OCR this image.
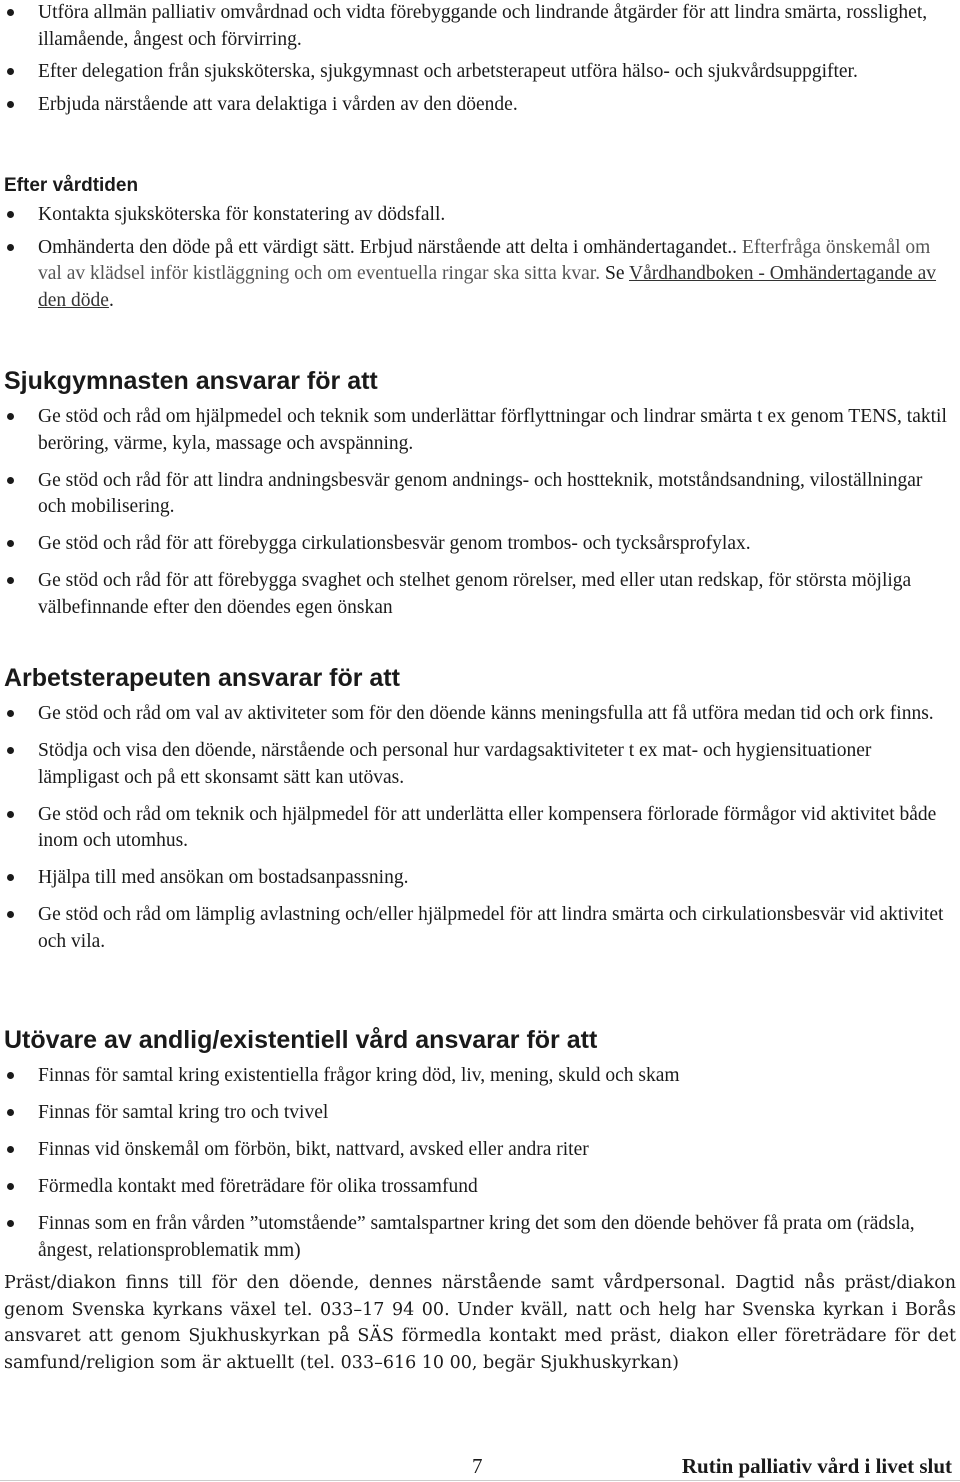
Utföra allmän palliativ omvårdnad och vidta förebyggande och lindrande åtgärder för att lindra smärta, rosslighet, illamående, ångest och förvirring.
Efter delegation från sjuksköterska, sjukgymnast och arbetsterapeut utföra hälso- och sjukvårdsuppgifter.
Erbjuda närstående att vara delaktiga i vården av den döende.
Efter vårdtiden
Kontakta sjuksköterska för konstatering av dödsfall.
Omhänderta den döde på ett värdigt sätt. Erbjud närstående att delta i omhändertagandet.. Efterfråga önskemål om val av klädsel inför kistläggning och om eventuella ringar ska sitta kvar. Se Vårdhandboken - Omhändertagande av den döde.
Sjukgymnasten ansvarar för att
Ge stöd och råd om hjälpmedel och teknik som underlättar förflyttningar och lindrar smärta t ex genom TENS, taktil beröring, värme, kyla, massage och avspänning.
Ge stöd och råd för att lindra andningsbesvär genom andnings- och hostteknik, motståndsandning, viloställningar och mobilisering.
Ge stöd och råd för att förebygga cirkulationsbesvär genom trombos- och tycksårsprofylax.
Ge stöd och råd för att förebygga svaghet och stelhet genom rörelser, med eller utan redskap, för största möjliga välbefinnande efter den döendes egen önskan
Arbetsterapeuten ansvarar för att
Ge stöd och råd om val av aktiviteter som för den döende känns meningsfulla att få utföra medan tid och ork finns.
Stödja och visa den döende, närstående och personal hur vardagsaktiviteter t ex mat- och hygiensituationer lämpligast och på ett skonsamt sätt kan utövas.
Ge stöd och råd om teknik och hjälpmedel för att underlätta eller kompensera förlorade förmågor vid aktivitet både inom och utomhus.
Hjälpa till med ansökan om bostadsanpassning.
Ge stöd och råd om lämplig avlastning och/eller hjälpmedel för att lindra smärta och cirkulationsbesvär vid aktivitet och vila.
Utövare av andlig/existentiell vård ansvarar för att
Finnas för samtal kring existentiella frågor kring död, liv, mening, skuld och skam
Finnas för samtal kring tro och tvivel
Finnas vid önskemål om förbön, bikt, nattvard, avsked eller andra riter
Förmedla kontakt med företrädare för olika trossamfund
Finnas som en från vården ”utomstående” samtalspartner kring det som den döende behöver få prata om (rädsla, ångest, relationsproblematik mm)

Präst/diakon finns till för den döende, dennes närstående samt vårdpersonal. Dagtid nås präst/diakon genom Svenska kyrkans växel tel. 033–17 94 00. Under kväll, natt och helg har Svenska kyrkan i Borås ansvaret att genom Sjukhuskyrkan på SÄS förmedla kontakt med präst, diakon eller företrädare för det samfund/religion som är aktuellt (tel. 033–616 10 00, begär Sjukhuskyrkan)

7	Rutin palliativ vård i livet slut
